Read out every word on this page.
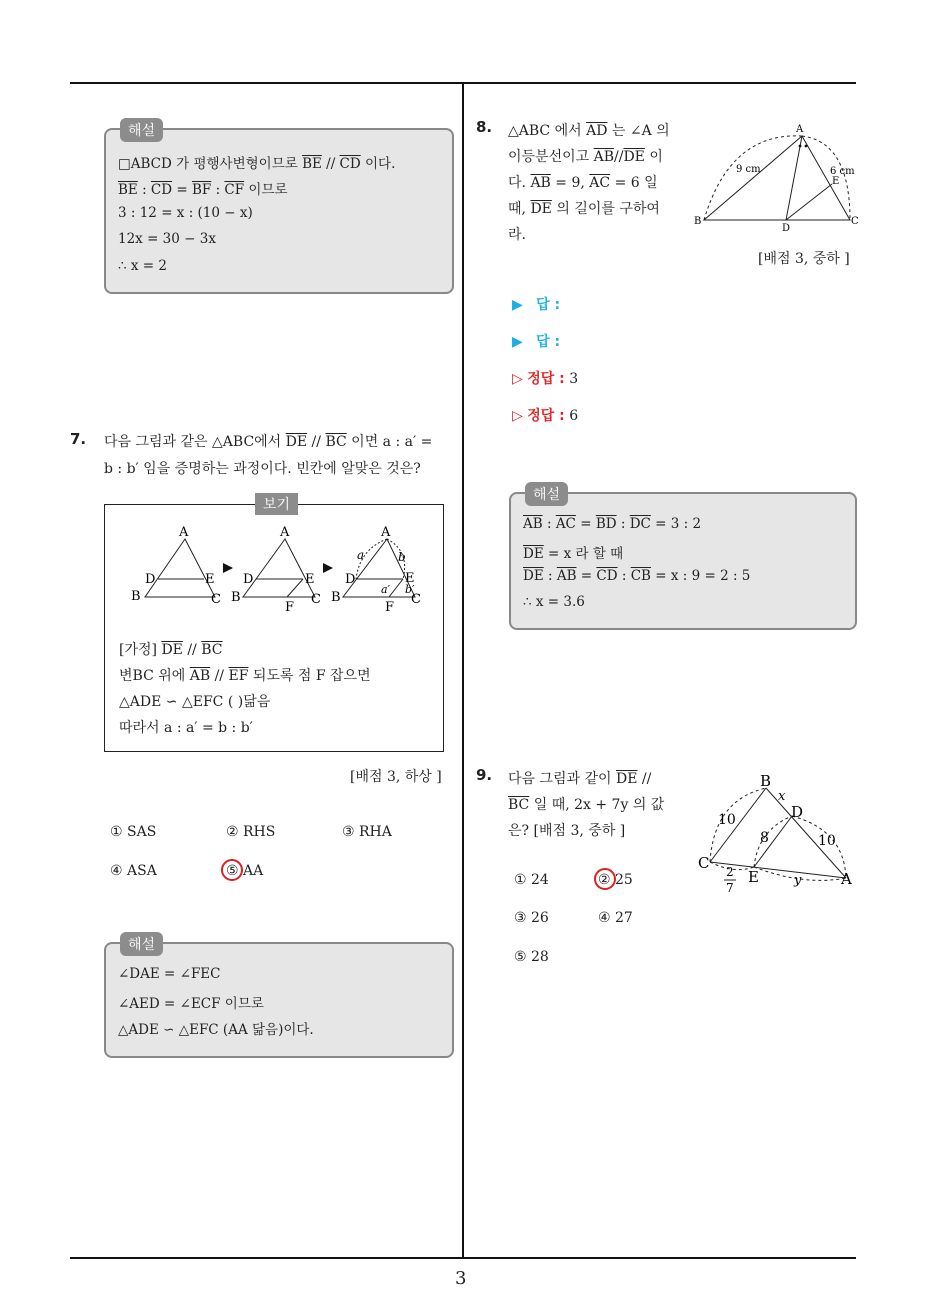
3
해설
□ABCD 가 평행사변형이므로 $\overline{BE} // \overline{CD}$ 이다.
$\overline{BE}$ : $\overline{CD} = \overline{BF}$ : $\overline{CF}$ 이므로
3 : 12 = x : (10 − x)
12x = 30 − 3x
∴ x = 2
7. 다음 그림과 같은 △ABC에서 $\overline{DE} // \overline{BC}$ 이면 a : a′ =
b : b′ 임을 증명하는 과정이다. 빈칸에 알맞은 것은?
보기
A
D	E
B	C
A
D	E
B	C
F
A
a	b
D	E
a′ b′
B	C
F
[가정] $\overline{DE} // \overline{BC}$
변BC 위에 $\overline{AB} // \overline{EF}$ 되도록 점 F 잡으면
△ADE ∽ △EFC ( )닮음
따라서 a : a′ = b : b′
[배점 3, 하상 ]
① SAS	② RHS	③ RHA
④ ASA	⑤ AA
해설
∠DAE = ∠FEC
∠AED = ∠ECF 이므로
△ADE ∽ △EFC (AA 닮음)이다.
8. △ABC 에서 $\overline{AD}$ 는 ∠A 의
이등분선이고 $\overline{AB}//\overline{DE}$ 이
다. $\overline{AB} = 9$, $\overline{AC} = 6$ 일
때, $\overline{DE}$ 의 길이를 구하여
라.
A
B	C
D
E
9 cm	6 cm
[배점 3, 중하 ]
▶ 답 :
▶ 답 :
▷ 정답 : 3
▷ 정답 : 6
해설
$\overline{AB}$ : $\overline{AC} = \overline{BD}$ : $\overline{DC} = 3$ : 2
$\overline{DE} = x$ 라 할 때
$\overline{DE}$ : $\overline{AB} = \overline{CD}$ : $\overline{CB} = x$ : 9 = 2 : 5
∴ x = 3.6
9. 다음 그림과 같이 $\overline{DE}$ //
$\overline{BC}$ 일 때, 2x + 7y 의 값
은? [배점 3, 중하 ]
B
x
D
10
8	10
C
E	y	A
2
7
① 24	② 25
③ 26	④ 27
⑤ 28
